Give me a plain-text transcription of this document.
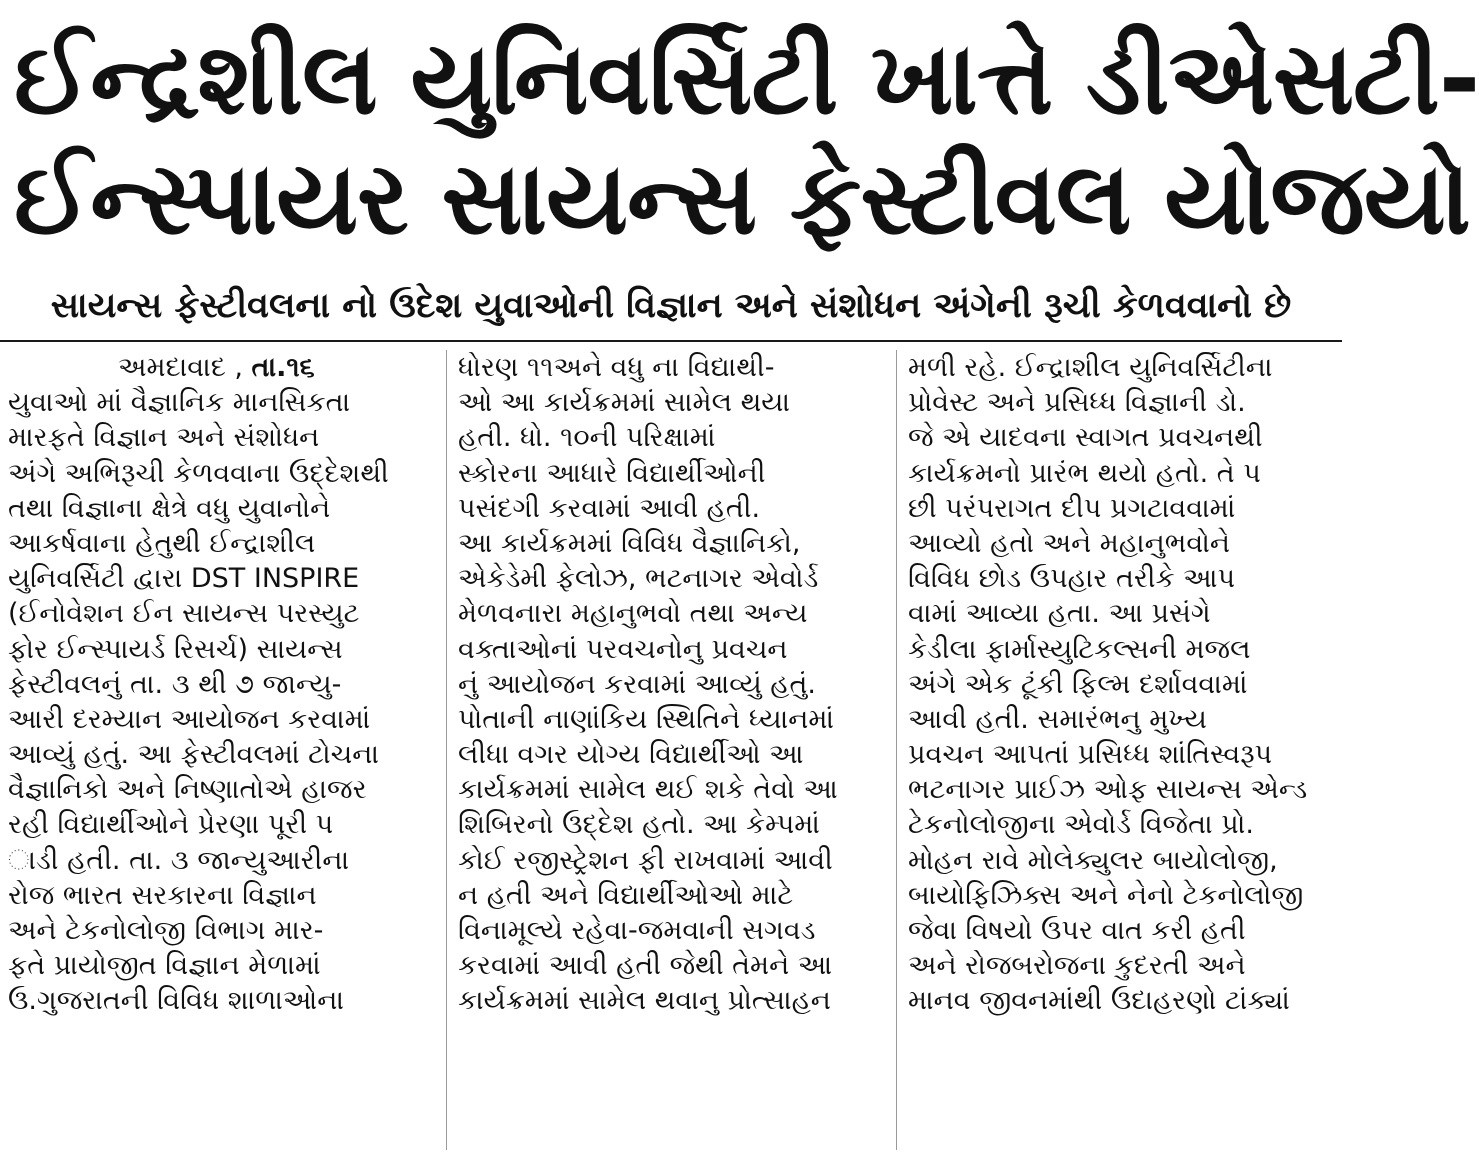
ઈન્દ્રશીલ યુનિવર્સિટી ખાત્તે ડીએસટી-
ઈન્સ્પાયર સાયન્સ ફેસ્ટીવલ યોજયો
સાયન્સ ફેસ્ટીવલના નો ઉદેશ યુવાઓની વિજ્ઞાન અને સંશોધન અંગેની રૂચી કેળવવાનો છે
અમદાવાદ , તા.૧૬
યુવાઓ માં વૈજ્ઞાનિક માનસિકતા
મારફતે વિજ્ઞાન અને સંશોધન
અંગે અભિરૂચી કેળવવાના ઉદ્દેશથી
તથા વિજ્ઞાના ક્ષેત્રે વધુ યુવાનોને
આકર્ષવાના હેતુથી ઈન્દ્રાશીલ
યુનિવર્સિટી દ્વારા DST INSPIRE
(ઈનોવેશન ઈન સાયન્સ પરસ્યુટ
ફોર ઈન્સ્પાયર્ડ રિસર્ચ) સાયન્સ
ફેસ્ટીવલનું તા. ૩ થી ૭ જાન્યુ-
આરી દરમ્યાન આયોજન કરવામાં
આવ્યું હતું. આ ફેસ્ટીવલમાં ટોચના
વૈજ્ઞાનિકો અને નિષ્ણાતોએ હાજર
રહી વિદ્યાર્થીઓને પ્રેરણા પૂરી પ
ાડી હતી. તા. ૩ જાન્યુઆરીના
રોજ ભારત સરકારના વિજ્ઞાન
અને ટેકનોલોજી વિભાગ માર-
ફતે પ્રાયોજીત વિજ્ઞાન મેળામાં
ઉ.ગુજરાતની વિવિધ શાળાઓના
ધોરણ ૧૧અને વધુ ના વિદ્યાથી-
ઓ આ કાર્યક્રમમાં સામેલ થયા
હતી. ધો. ૧૦ની પરિક્ષામાં
સ્કોરના આધારે વિદ્યાર્થીઓની
પસંદગી કરવામાં આવી હતી.
આ કાર્યક્રમમાં વિવિધ વૈજ્ઞાનિકો,
એકેડેમી ફેલોઝ, ભટનાગર એવોર્ડ
મેળવનારા મહાનુભવો તથા અન્ય
વક્તાઓનાં પરવચનોનુ પ્રવચન
નું આયોજન કરવામાં આવ્યું હતું.
પોતાની નાણાંકિય સ્થિતિને ધ્યાનમાં
લીધા વગર યોગ્ય વિદ્યાર્થીઓ આ
કાર્યક્રમમાં સામેલ થઈ શકે તેવો આ
શિબિરનો ઉદ્દેશ હતો. આ કેમ્પમાં
કોઈ રજીસ્ટ્રેશન ફી રાખવામાં આવી
ન હતી અને વિદ્યાર્થીઓઓ માટે
વિનામૂલ્યે રહેવા-જમવાની સગવડ
કરવામાં આવી હતી જેથી તેમને આ
કાર્યક્રમમાં સામેલ થવાનુ પ્રોત્સાહન
મળી રહે. ઈન્દ્રાશીલ યુનિવર્સિટીના
પ્રોવેસ્ટ અને પ્રસિધ્ધ વિજ્ઞાની ડો.
જે એ યાદવના સ્વાગત પ્રવચનથી
કાર્યક્રમનો પ્રારંભ થયો હતો. તે પ
છી પરંપરાગત દીપ પ્રગટાવવામાં
આવ્યો હતો અને મહાનુભવોને
વિવિધ છોડ ઉપહાર તરીકે આપ
વામાં આવ્યા હતા. આ પ્રસંગે
કેડીલા ફાર્માસ્યુટિકલ્સની મજલ
અંગે એક ટૂંકી ફિલ્મ દર્શાવવામાં
આવી હતી. સમારંભનુ મુખ્ય
પ્રવચન આપતાં પ્રસિધ્ધ શાંતિસ્વરૂપ
ભટનાગર પ્રાઈઝ ઓફ સાયન્સ એન્ડ
ટેકનોલોજીના એવોર્ડ વિજેતા પ્રો.
મોહન રાવે મોલેક્યુલર બાયોલોજી,
બાયોફિઝિક્સ અને નેનો ટેકનોલોજી
જેવા વિષયો ઉપર વાત કરી હતી
અને રોજબરોજના કુદરતી અને
માનવ જીવનમાંથી ઉદાહરણો ટાંક્યાં
